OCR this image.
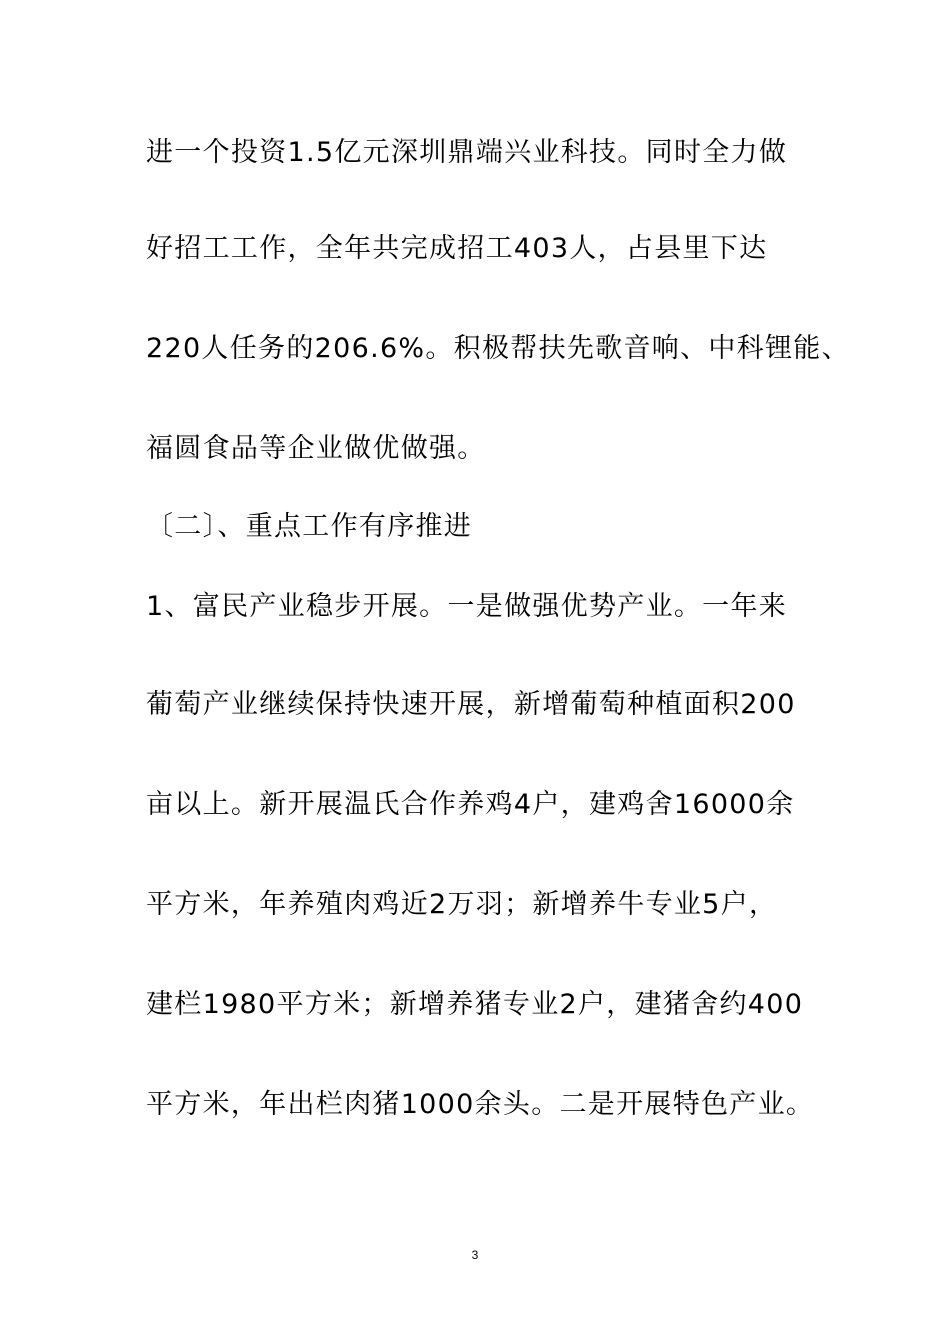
进一个投资1.5亿元深圳鼎端兴业科技。同时全力做
好招工工作，全年共完成招工403人，占县里下达
220人任务的206.6%。积极帮扶先歌音响、中科锂能、
福圆食品等企业做优做强。
〔二〕、重点工作有序推进
1、富民产业稳步开展。一是做强优势产业。一年来
葡萄产业继续保持快速开展，新增葡萄种植面积200
亩以上。新开展温氏合作养鸡4户，建鸡舍16000余
平方米，年养殖肉鸡近2万羽；新增养牛专业5户，
建栏1980平方米；新增养猪专业2户，建猪舍约400
平方米，年出栏肉猪1000余头。二是开展特色产业。
3
